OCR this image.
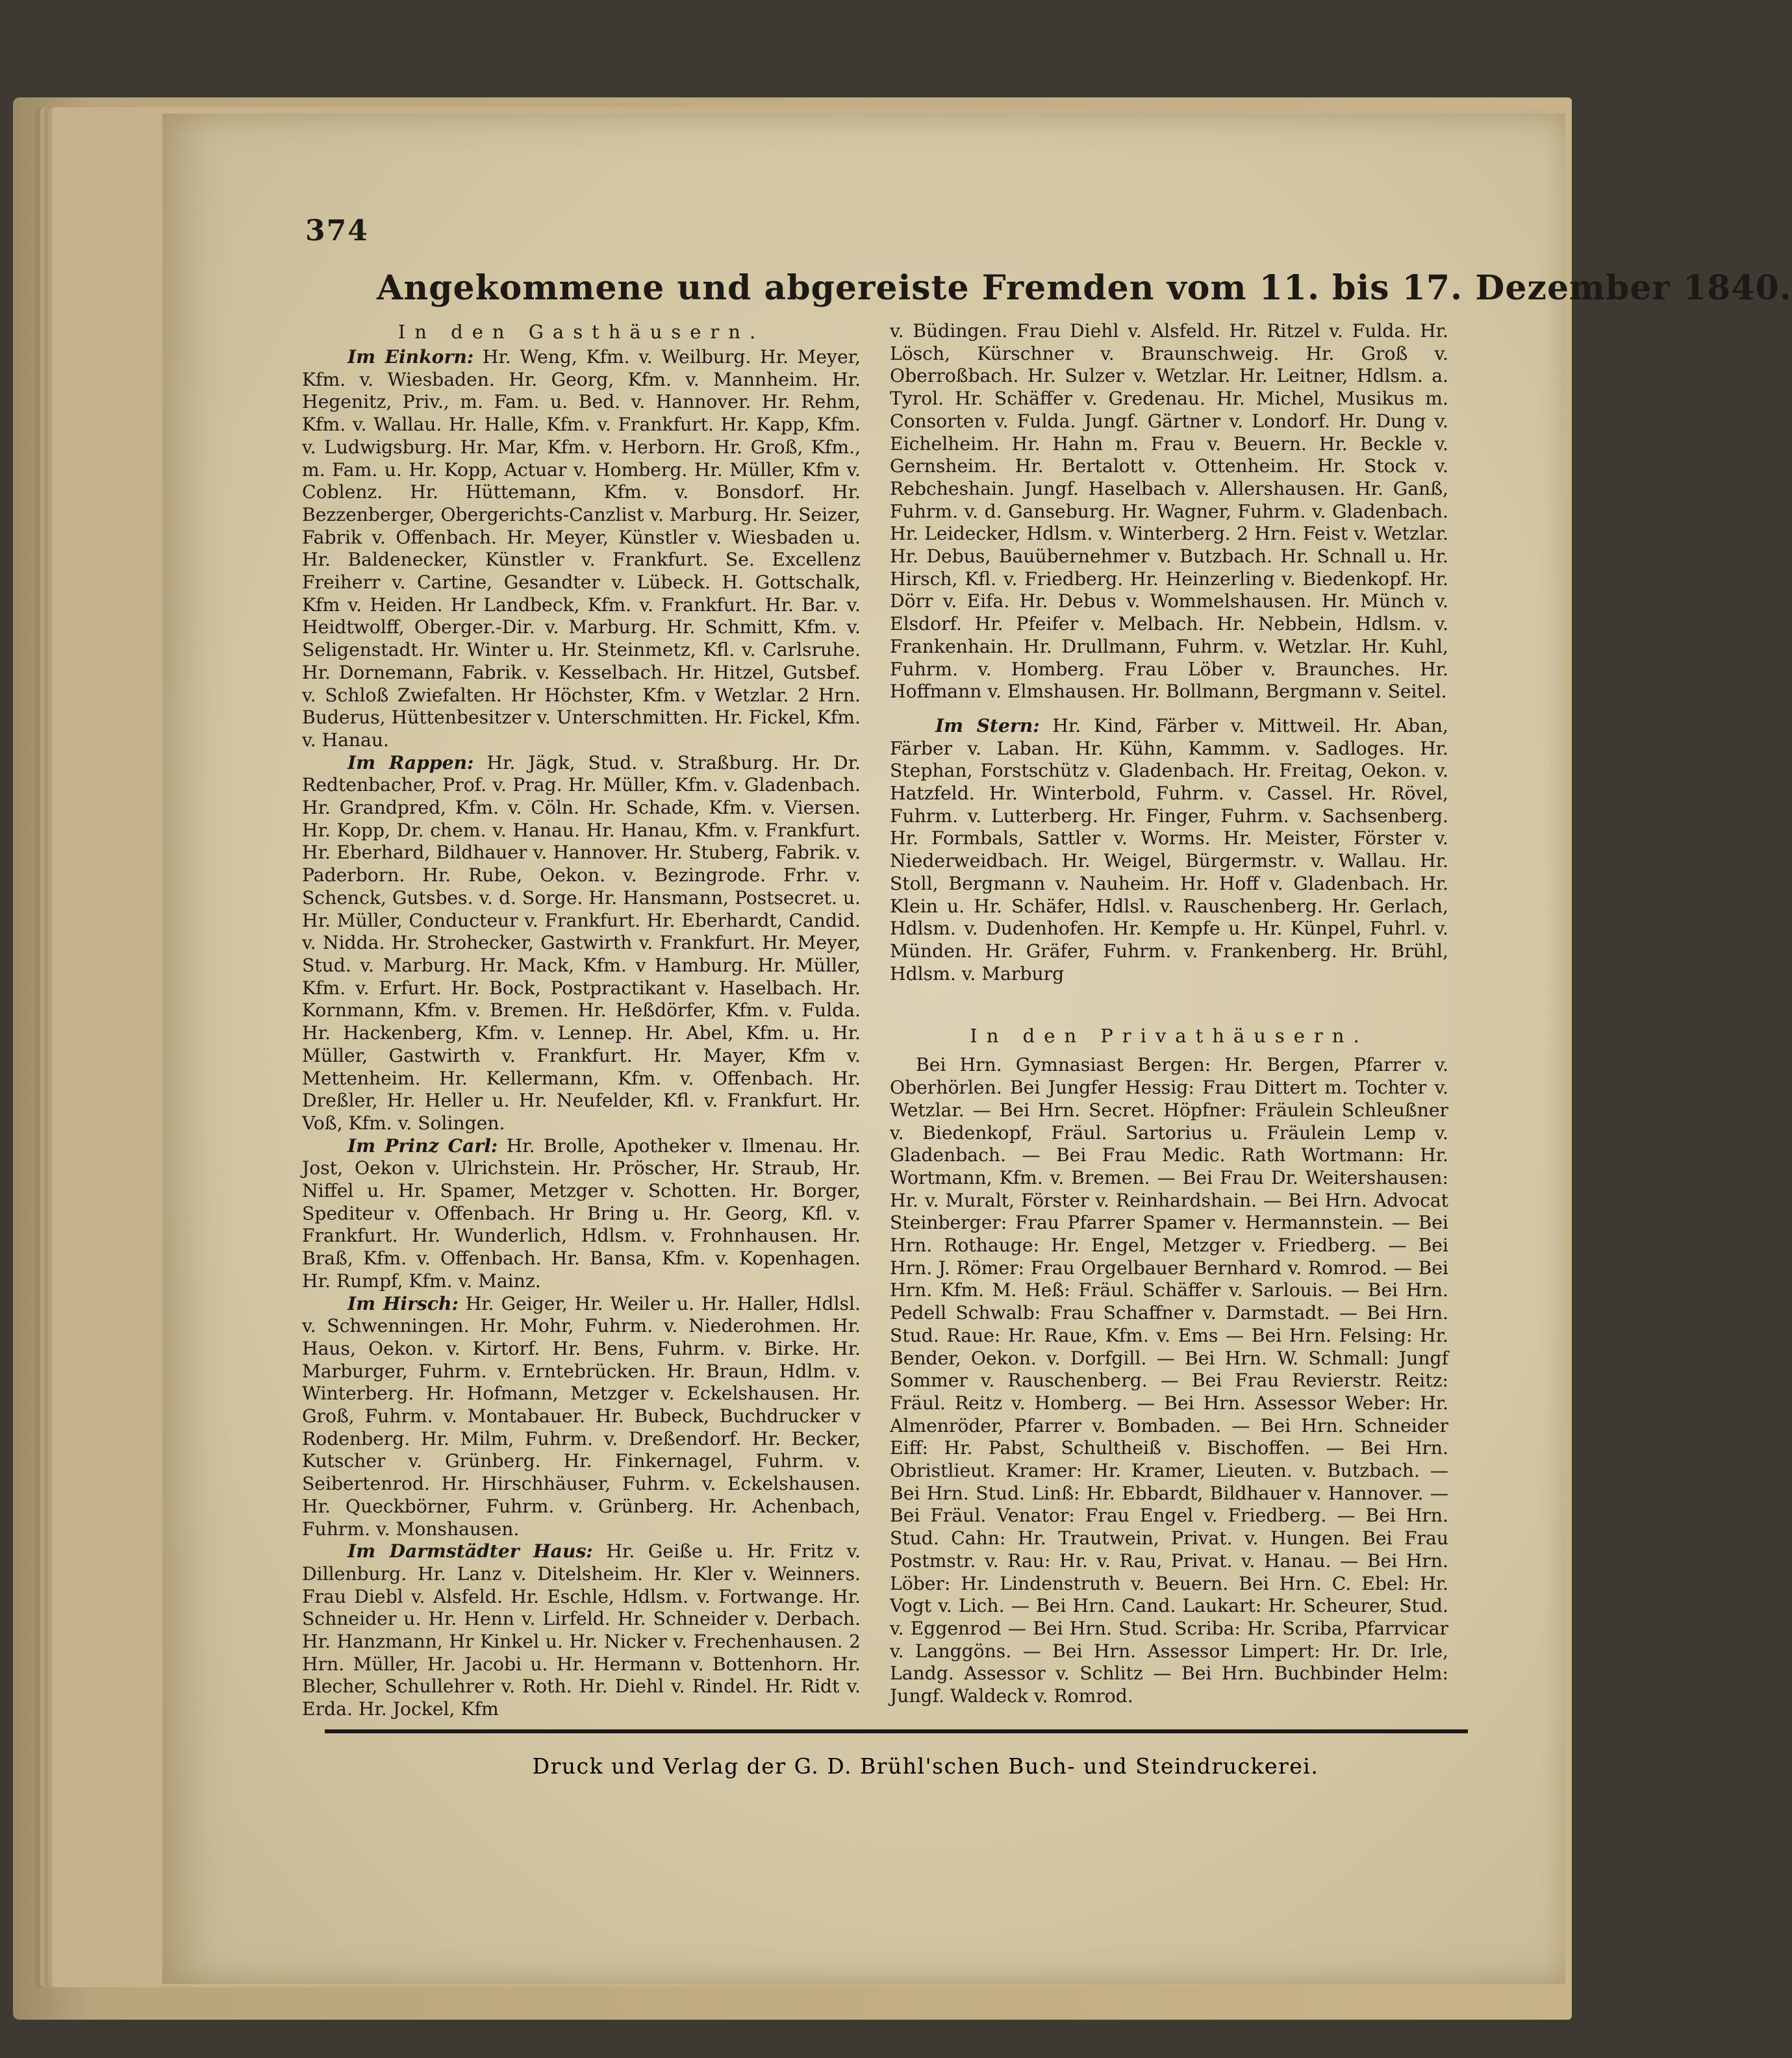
374
Angekommene und abgereiste Fremden vom 11. bis 17. Dezember 1840.
In den Gasthäusern.

Im Einkorn: Hr. Weng, Kfm. v. Weilburg. Hr. Meyer, Kfm. v. Wiesbaden. Hr. Georg, Kfm. v. Mannheim. Hr. Hegenitz, Priv., m. Fam. u. Bed. v. Hannover. Hr. Rehm, Kfm. v. Wallau. Hr. Halle, Kfm. v. Frankfurt. Hr. Kapp, Kfm. v. Ludwigsburg. Hr. Mar, Kfm. v. Herborn. Hr. Groß, Kfm., m. Fam. u. Hr. Kopp, Actuar v. Homberg. Hr. Müller, Kfm v. Coblenz. Hr. Hüttemann, Kfm. v. Bonsdorf. Hr. Bezzenberger, Obergerichts-Canzlist v. Marburg. Hr. Seizer, Fabrik v. Offenbach. Hr. Meyer, Künstler v. Wiesbaden u. Hr. Baldenecker, Künstler v. Frankfurt. Se. Excellenz Freiherr v. Cartine, Gesandter v. Lübeck. H. Gottschalk, Kfm v. Heiden. Hr Landbeck, Kfm. v. Frankfurt. Hr. Bar. v. Heidtwolff, Oberger.-Dir. v. Marburg. Hr. Schmitt, Kfm. v. Seligenstadt. Hr. Winter u. Hr. Steinmetz, Kfl. v. Carlsruhe. Hr. Dornemann, Fabrik. v. Kesselbach. Hr. Hitzel, Gutsbef. v. Schloß Zwiefalten. Hr Höchster, Kfm. v Wetzlar. 2 Hrn. Buderus, Hüttenbesitzer v. Unterschmitten. Hr. Fickel, Kfm. v. Hanau.

Im Rappen: Hr. Jägk, Stud. v. Straßburg. Hr. Dr. Redtenbacher, Prof. v. Prag. Hr. Müller, Kfm. v. Gladenbach. Hr. Grandpred, Kfm. v. Cöln. Hr. Schade, Kfm. v. Viersen. Hr. Kopp, Dr. chem. v. Hanau. Hr. Hanau, Kfm. v. Frankfurt. Hr. Eberhard, Bildhauer v. Hannover. Hr. Stuberg, Fabrik. v. Paderborn. Hr. Rube, Oekon. v. Bezingrode. Frhr. v. Schenck, Gutsbes. v. d. Sorge. Hr. Hansmann, Postsecret. u. Hr. Müller, Conducteur v. Frankfurt. Hr. Eberhardt, Candid. v. Nidda. Hr. Strohecker, Gastwirth v. Frankfurt. Hr. Meyer, Stud. v. Marburg. Hr. Mack, Kfm. v Hamburg. Hr. Müller, Kfm. v. Erfurt. Hr. Bock, Postpractikant v. Haselbach. Hr. Kornmann, Kfm. v. Bremen. Hr. Heßdörfer, Kfm. v. Fulda. Hr. Hackenberg, Kfm. v. Lennep. Hr. Abel, Kfm. u. Hr. Müller, Gastwirth v. Frankfurt. Hr. Mayer, Kfm v. Mettenheim. Hr. Kellermann, Kfm. v. Offenbach. Hr. Dreßler, Hr. Heller u. Hr. Neufelder, Kfl. v. Frankfurt. Hr. Voß, Kfm. v. Solingen.

Im Prinz Carl: Hr. Brolle, Apotheker v. Ilmenau. Hr. Jost, Oekon v. Ulrichstein. Hr. Pröscher, Hr. Straub, Hr. Niffel u. Hr. Spamer, Metzger v. Schotten. Hr. Borger, Spediteur v. Offenbach. Hr Bring u. Hr. Georg, Kfl. v. Frankfurt. Hr. Wunderlich, Hdlsm. v. Frohnhausen. Hr. Braß, Kfm. v. Offenbach. Hr. Bansa, Kfm. v. Kopenhagen. Hr. Rumpf, Kfm. v. Mainz.

Im Hirsch: Hr. Geiger, Hr. Weiler u. Hr. Haller, Hdlsl. v. Schwenningen. Hr. Mohr, Fuhrm. v. Niederohmen. Hr. Haus, Oekon. v. Kirtorf. Hr. Bens, Fuhrm. v. Birke. Hr. Marburger, Fuhrm. v. Erntebrücken. Hr. Braun, Hdlm. v. Winterberg. Hr. Hofmann, Metzger v. Eckelshausen. Hr. Groß, Fuhrm. v. Montabauer. Hr. Bubeck, Buchdrucker v Rodenberg. Hr. Milm, Fuhrm. v. Dreßendorf. Hr. Becker, Kutscher v. Grünberg. Hr. Finkernagel, Fuhrm. v. Seibertenrod. Hr. Hirschhäuser, Fuhrm. v. Eckelshausen. Hr. Queckbörner, Fuhrm. v. Grünberg. Hr. Achenbach, Fuhrm. v. Monshausen.

Im Darmstädter Haus: Hr. Geiße u. Hr. Fritz v. Dillenburg. Hr. Lanz v. Ditelsheim. Hr. Kler v. Weinners. Frau Diebl v. Alsfeld. Hr. Eschle, Hdlsm. v. Fortwange. Hr. Schneider u. Hr. Henn v. Lirfeld. Hr. Schneider v. Derbach. Hr. Hanzmann, Hr Kinkel u. Hr. Nicker v. Frechenhausen. 2 Hrn. Müller, Hr. Jacobi u. Hr. Hermann v. Bottenhorn. Hr. Blecher, Schullehrer v. Roth. Hr. Diehl v. Rindel. Hr. Ridt v. Erda. Hr. Jockel, Kfm

v. Büdingen. Frau Diehl v. Alsfeld. Hr. Ritzel v. Fulda. Hr. Lösch, Kürschner v. Braunschweig. Hr. Groß v. Oberroßbach. Hr. Sulzer v. Wetzlar. Hr. Leitner, Hdlsm. a. Tyrol. Hr. Schäffer v. Gredenau. Hr. Michel, Musikus m. Consorten v. Fulda. Jungf. Gärtner v. Londorf. Hr. Dung v. Eichelheim. Hr. Hahn m. Frau v. Beuern. Hr. Beckle v. Gernsheim. Hr. Bertalott v. Ottenheim. Hr. Stock v. Rebcheshain. Jungf. Haselbach v. Allershausen. Hr. Ganß, Fuhrm. v. d. Ganseburg. Hr. Wagner, Fuhrm. v. Gladenbach. Hr. Leidecker, Hdlsm. v. Winterberg. 2 Hrn. Feist v. Wetzlar. Hr. Debus, Bauübernehmer v. Butzbach. Hr. Schnall u. Hr. Hirsch, Kfl. v. Friedberg. Hr. Heinzerling v. Biedenkopf. Hr. Dörr v. Eifa. Hr. Debus v. Wommelshausen. Hr. Münch v. Elsdorf. Hr. Pfeifer v. Melbach. Hr. Nebbein, Hdlsm. v. Frankenhain. Hr. Drullmann, Fuhrm. v. Wetzlar. Hr. Kuhl, Fuhrm. v. Homberg. Frau Löber v. Braunches. Hr. Hoffmann v. Elmshausen. Hr. Bollmann, Bergmann v. Seitel.

Im Stern: Hr. Kind, Färber v. Mittweil. Hr. Aban, Färber v. Laban. Hr. Kühn, Kammm. v. Sadloges. Hr. Stephan, Forstschütz v. Gladenbach. Hr. Freitag, Oekon. v. Hatzfeld. Hr. Winterbold, Fuhrm. v. Cassel. Hr. Rövel, Fuhrm. v. Lutterberg. Hr. Finger, Fuhrm. v. Sachsenberg. Hr. Formbals, Sattler v. Worms. Hr. Meister, Förster v. Niederweidbach. Hr. Weigel, Bürgermstr. v. Wallau. Hr. Stoll, Bergmann v. Nauheim. Hr. Hoff v. Gladenbach. Hr. Klein u. Hr. Schäfer, Hdlsl. v. Rauschenberg. Hr. Gerlach, Hdlsm. v. Dudenhofen. Hr. Kempfe u. Hr. Künpel, Fuhrl. v. Münden. Hr. Gräfer, Fuhrm. v. Frankenberg. Hr. Brühl, Hdlsm. v. Marburg

In den Privathäusern.

Bei Hrn. Gymnasiast Bergen: Hr. Bergen, Pfarrer v. Oberhörlen. Bei Jungfer Hessig: Frau Dittert m. Tochter v. Wetzlar. — Bei Hrn. Secret. Höpfner: Fräulein Schleußner v. Biedenkopf, Fräul. Sartorius u. Fräulein Lemp v. Gladenbach. — Bei Frau Medic. Rath Wortmann: Hr. Wortmann, Kfm. v. Bremen. — Bei Frau Dr. Weitershausen: Hr. v. Muralt, Förster v. Reinhardshain. — Bei Hrn. Advocat Steinberger: Frau Pfarrer Spamer v. Hermannstein. — Bei Hrn. Rothauge: Hr. Engel, Metzger v. Friedberg. — Bei Hrn. J. Römer: Frau Orgelbauer Bernhard v. Romrod. — Bei Hrn. Kfm. M. Heß: Fräul. Schäffer v. Sarlouis. — Bei Hrn. Pedell Schwalb: Frau Schaffner v. Darmstadt. — Bei Hrn. Stud. Raue: Hr. Raue, Kfm. v. Ems — Bei Hrn. Felsing: Hr. Bender, Oekon. v. Dorfgill. — Bei Hrn. W. Schmall: Jungf Sommer v. Rauschenberg. — Bei Frau Revierstr. Reitz: Fräul. Reitz v. Homberg. — Bei Hrn. Assessor Weber: Hr. Almenröder, Pfarrer v. Bombaden. — Bei Hrn. Schneider Eiff: Hr. Pabst, Schultheiß v. Bischoffen. — Bei Hrn. Obristlieut. Kramer: Hr. Kramer, Lieuten. v. Butzbach. — Bei Hrn. Stud. Linß: Hr. Ebbardt, Bildhauer v. Hannover. — Bei Fräul. Venator: Frau Engel v. Friedberg. — Bei Hrn. Stud. Cahn: Hr. Trautwein, Privat. v. Hungen. Bei Frau Postmstr. v. Rau: Hr. v. Rau, Privat. v. Hanau. — Bei Hrn. Löber: Hr. Lindenstruth v. Beuern. Bei Hrn. C. Ebel: Hr. Vogt v. Lich. — Bei Hrn. Cand. Laukart: Hr. Scheurer, Stud. v. Eggenrod — Bei Hrn. Stud. Scriba: Hr. Scriba, Pfarrvicar v. Langgöns. — Bei Hrn. Assessor Limpert: Hr. Dr. Irle, Landg. Assessor v. Schlitz — Bei Hrn. Buchbinder Helm: Jungf. Waldeck v. Romrod.

Druck und Verlag der G. D. Brühl'schen Buch- und Steindruckerei.
